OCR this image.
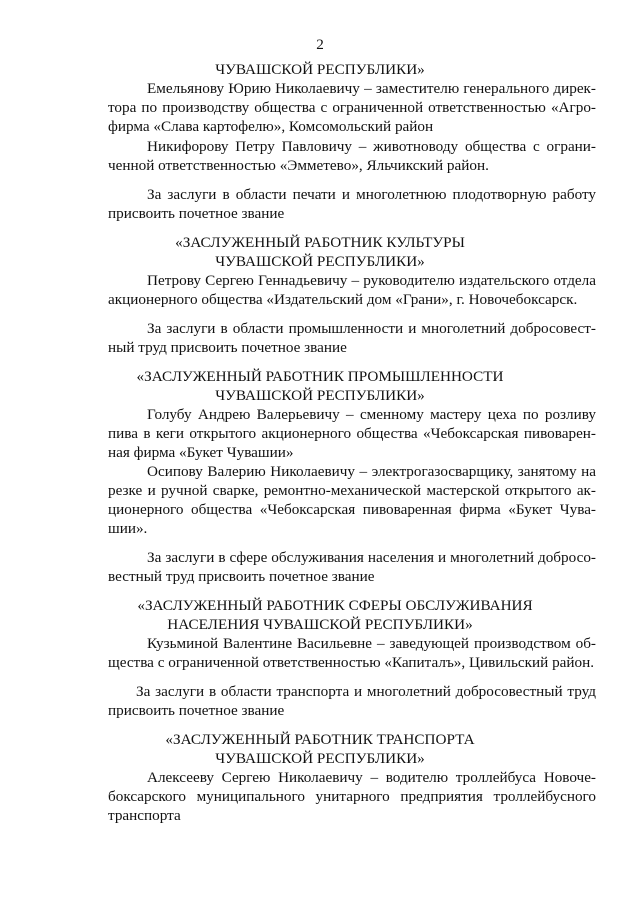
2
ЧУВАШСКОЙ РЕСПУБЛИКИ»
Емельянову Юрию Николаевичу – заместителю генерального дирек-
тора по производству общества с ограниченной ответственностью «Агро-
фирма «Слава картофелю», Комсомольский район
Никифорову Петру Павловичу – животноводу общества с ограни-
ченной ответственностью «Эмметево», Яльчикский район.
За заслуги в области печати и многолетнюю плодотворную работу
присвоить почетное звание
«ЗАСЛУЖЕННЫЙ РАБОТНИК КУЛЬТУРЫ
ЧУВАШСКОЙ РЕСПУБЛИКИ»
Петрову Сергею Геннадьевичу – руководителю издательского отдела
акционерного общества «Издательский дом «Грани», г. Новочебоксарск.
За заслуги в области промышленности и многолетний добросовест-
ный труд присвоить почетное звание
«ЗАСЛУЖЕННЫЙ РАБОТНИК ПРОМЫШЛЕННОСТИ
ЧУВАШСКОЙ РЕСПУБЛИКИ»
Голубу Андрею Валерьевичу – сменному мастеру цеха по розливу
пива в кеги открытого акционерного общества «Чебоксарская пивоварен-
ная фирма «Букет Чувашии»
Осипову Валерию Николаевичу – электрогазосварщику, занятому на
резке и ручной сварке, ремонтно-механической мастерской открытого ак-
ционерного общества «Чебоксарская пивоваренная фирма «Букет Чува-
шии».
За заслуги в сфере обслуживания населения и многолетний добросо-
вестный труд присвоить почетное звание
«ЗАСЛУЖЕННЫЙ РАБОТНИК СФЕРЫ ОБСЛУЖИВАНИЯ
НАСЕЛЕНИЯ ЧУВАШСКОЙ РЕСПУБЛИКИ»
Кузьминой Валентине Васильевне – заведующей производством об-
щества с ограниченной ответственностью «Капиталъ», Цивильский район.
За заслуги в области транспорта и многолетний добросовестный труд
присвоить почетное звание
«ЗАСЛУЖЕННЫЙ РАБОТНИК ТРАНСПОРТА
ЧУВАШСКОЙ РЕСПУБЛИКИ»
Алексееву Сергею Николаевичу – водителю троллейбуса Новоче-
боксарского муниципального унитарного предприятия троллейбусного
транспорта
